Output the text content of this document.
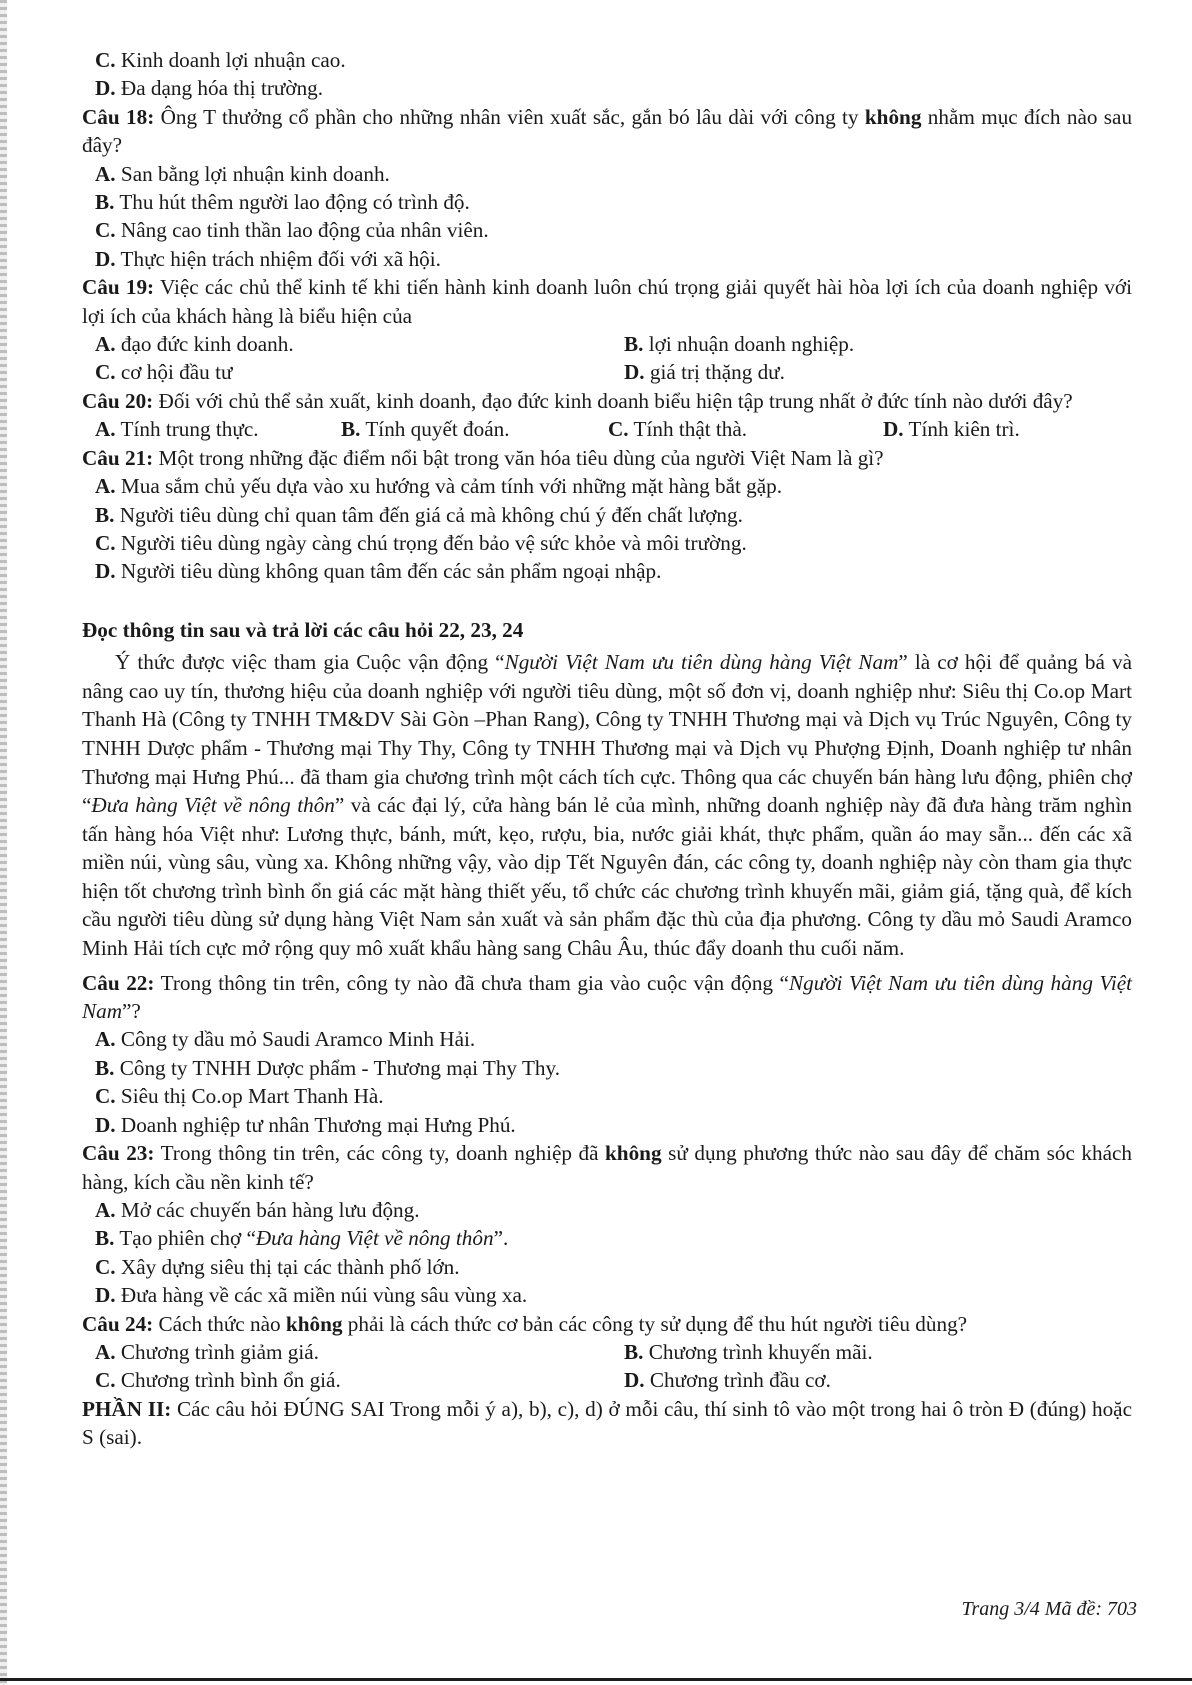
C. Kinh doanh lợi nhuận cao.
D. Đa dạng hóa thị trường.
Câu 18: Ông T thưởng cổ phần cho những nhân viên xuất sắc, gắn bó lâu dài với công ty không nhằm mục đích nào sau đây?
A. San bằng lợi nhuận kinh doanh.
B. Thu hút thêm người lao động có trình độ.
C. Nâng cao tinh thần lao động của nhân viên.
D. Thực hiện trách nhiệm đối với xã hội.
Câu 19: Việc các chủ thể kinh tế khi tiến hành kinh doanh luôn chú trọng giải quyết hài hòa lợi ích của doanh nghiệp với lợi ích của khách hàng là biểu hiện của
A. đạo đức kinh doanh.	B. lợi nhuận doanh nghiệp.
C. cơ hội đầu tư	D. giá trị thặng dư.
Câu 20: Đối với chủ thể sản xuất, kinh doanh, đạo đức kinh doanh biểu hiện tập trung nhất ở đức tính nào dưới đây?
A. Tính trung thực.	B. Tính quyết đoán.	C. Tính thật thà.	D. Tính kiên trì.
Câu 21: Một trong những đặc điểm nổi bật trong văn hóa tiêu dùng của người Việt Nam là gì?
A. Mua sắm chủ yếu dựa vào xu hướng và cảm tính với những mặt hàng bắt gặp.
B. Người tiêu dùng chỉ quan tâm đến giá cả mà không chú ý đến chất lượng.
C. Người tiêu dùng ngày càng chú trọng đến bảo vệ sức khỏe và môi trường.
D. Người tiêu dùng không quan tâm đến các sản phẩm ngoại nhập.
Đọc thông tin sau và trả lời các câu hỏi 22, 23, 24
Ý thức được việc tham gia Cuộc vận động “Người Việt Nam ưu tiên dùng hàng Việt Nam” là cơ hội để quảng bá và nâng cao uy tín, thương hiệu của doanh nghiệp với người tiêu dùng, một số đơn vị, doanh nghiệp như: Siêu thị Co.op Mart Thanh Hà (Công ty TNHH TM&DV Sài Gòn –Phan Rang), Công ty TNHH Thương mại và Dịch vụ Trúc Nguyên, Công ty TNHH Dược phẩm - Thương mại Thy Thy, Công ty TNHH Thương mại và Dịch vụ Phượng Định, Doanh nghiệp tư nhân Thương mại Hưng Phú... đã tham gia chương trình một cách tích cực. Thông qua các chuyến bán hàng lưu động, phiên chợ “Đưa hàng Việt về nông thôn” và các đại lý, cửa hàng bán lẻ của mình, những doanh nghiệp này đã đưa hàng trăm nghìn tấn hàng hóa Việt như: Lương thực, bánh, mứt, kẹo, rượu, bia, nước giải khát, thực phẩm, quần áo may sẵn... đến các xã miền núi, vùng sâu, vùng xa. Không những vậy, vào dịp Tết Nguyên đán, các công ty, doanh nghiệp này còn tham gia thực hiện tốt chương trình bình ổn giá các mặt hàng thiết yếu, tổ chức các chương trình khuyến mãi, giảm giá, tặng quà, để kích cầu người tiêu dùng sử dụng hàng Việt Nam sản xuất và sản phẩm đặc thù của địa phương. Công ty dầu mỏ Saudi Aramco Minh Hải tích cực mở rộng quy mô xuất khẩu hàng sang Châu Âu, thúc đẩy doanh thu cuối năm.
Câu 22: Trong thông tin trên, công ty nào đã chưa tham gia vào cuộc vận động “Người Việt Nam ưu tiên dùng hàng Việt Nam”?
A. Công ty dầu mỏ Saudi Aramco Minh Hải.
B. Công ty TNHH Dược phẩm - Thương mại Thy Thy.
C. Siêu thị Co.op Mart Thanh Hà.
D. Doanh nghiệp tư nhân Thương mại Hưng Phú.
Câu 23: Trong thông tin trên, các công ty, doanh nghiệp đã không sử dụng phương thức nào sau đây để chăm sóc khách hàng, kích cầu nền kinh tế?
A. Mở các chuyến bán hàng lưu động.
B. Tạo phiên chợ “Đưa hàng Việt về nông thôn”.
C. Xây dựng siêu thị tại các thành phố lớn.
D. Đưa hàng về các xã miền núi vùng sâu vùng xa.
Câu 24: Cách thức nào không phải là cách thức cơ bản các công ty sử dụng để thu hút người tiêu dùng?
A. Chương trình giảm giá.	B. Chương trình khuyến mãi.
C. Chương trình bình ổn giá.	D. Chương trình đầu cơ.
PHẦN II: Các câu hỏi ĐÚNG SAI Trong mỗi ý a), b), c), d) ở mỗi câu, thí sinh tô vào một trong hai ô tròn Đ (đúng) hoặc S (sai).
Trang 3/4 Mã đề: 703
